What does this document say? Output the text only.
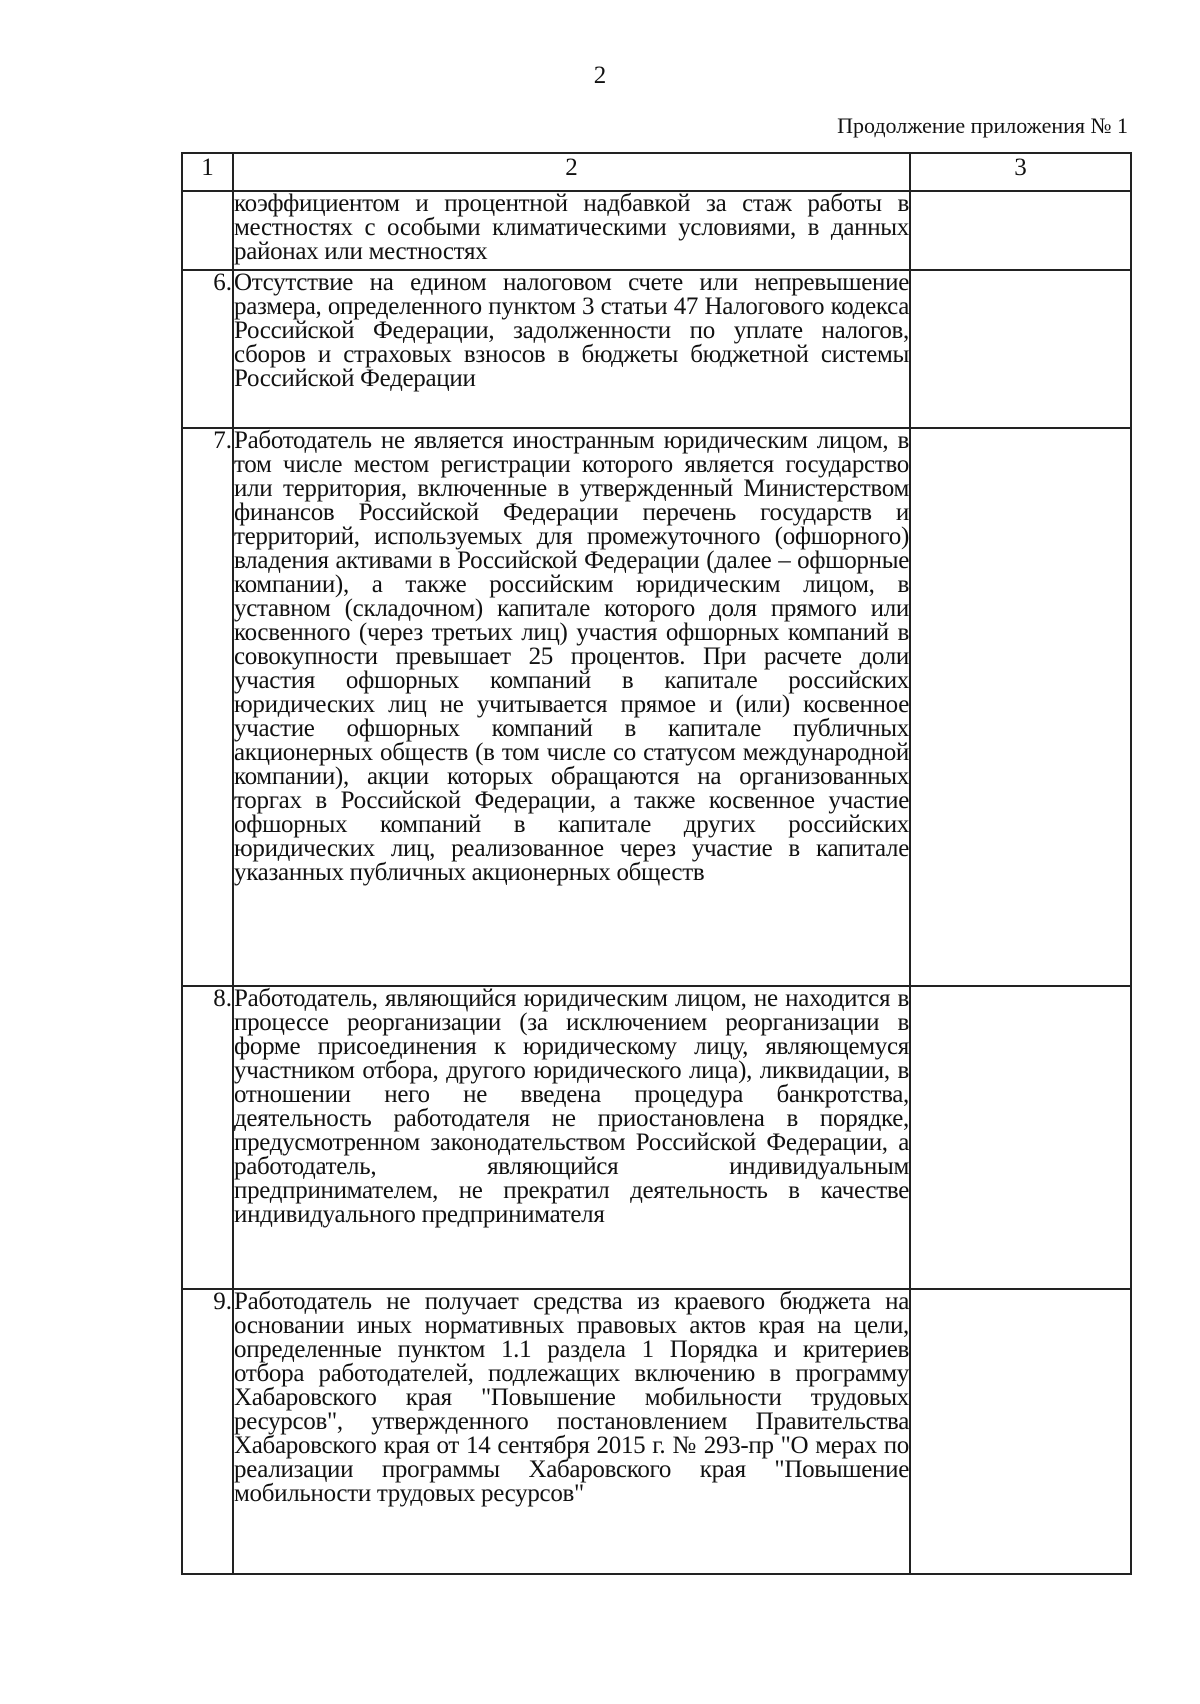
2
Продолжение приложения № 1
1	2	3
	коэффициентом и процентной надбавкой за стаж работы в местностях с особыми климатическими условиями, в данных районах или местностях	
6.	Отсутствие на едином налоговом счете или непревышение размера, определенного пунктом 3 статьи 47 Налогового кодекса Российской Федерации, задолженности по уплате налогов, сборов и страховых взносов в бюджеты бюджетной системы Российской Федерации	
7.	Работодатель не является иностранным юридическим лицом, в том числе местом регистрации которого является государство или территория, включенные в утвержденный Министерством финансов Российской Федерации перечень государств и территорий, используемых для промежуточного (офшорного) владения активами в Российской Федерации (далее – офшорные компании), а также российским юридическим лицом, в уставном (складочном) капитале которого доля прямого или косвенного (через третьих лиц) участия офшорных компаний в совокупности превышает 25 процентов. При расчете доли участия офшорных компаний в капитале российских юридических лиц не учитывается прямое и (или) косвенное участие офшорных компаний в капитале публичных акционерных обществ (в том числе со статусом международной компании), акции которых обращаются на организованных торгах в Российской Федерации, а также косвенное участие офшорных компаний в капитале других российских юридических лиц, реализованное через участие в капитале указанных публичных акционерных обществ	
8.	Работодатель, являющийся юридическим лицом, не находится в процессе реорганизации (за исключением реорганизации в форме присоединения к юридическому лицу, являющемуся участником отбора, другого юридического лица), ликвидации, в отношении него не введена процедура банкротства, деятельность работодателя не приостановлена в порядке, предусмотренном законодательством Российской Федерации, а работодатель, являющийся индивидуальным предпринимателем, не прекратил деятельность в качестве индивидуального предпринимателя	
9.	Работодатель не получает средства из краевого бюджета на основании иных нормативных правовых актов края на цели, определенные пунктом 1.1 раздела 1 Порядка и критериев отбора работодателей, подлежащих включению в программу Хабаровского края "Повышение мобильности трудовых ресурсов", утвержденного постановлением Правительства Хабаровского края от 14 сентября 2015 г. № 293-пр "О мерах по реализации программы Хабаровского края "Повышение мобильности трудовых ресурсов"	
